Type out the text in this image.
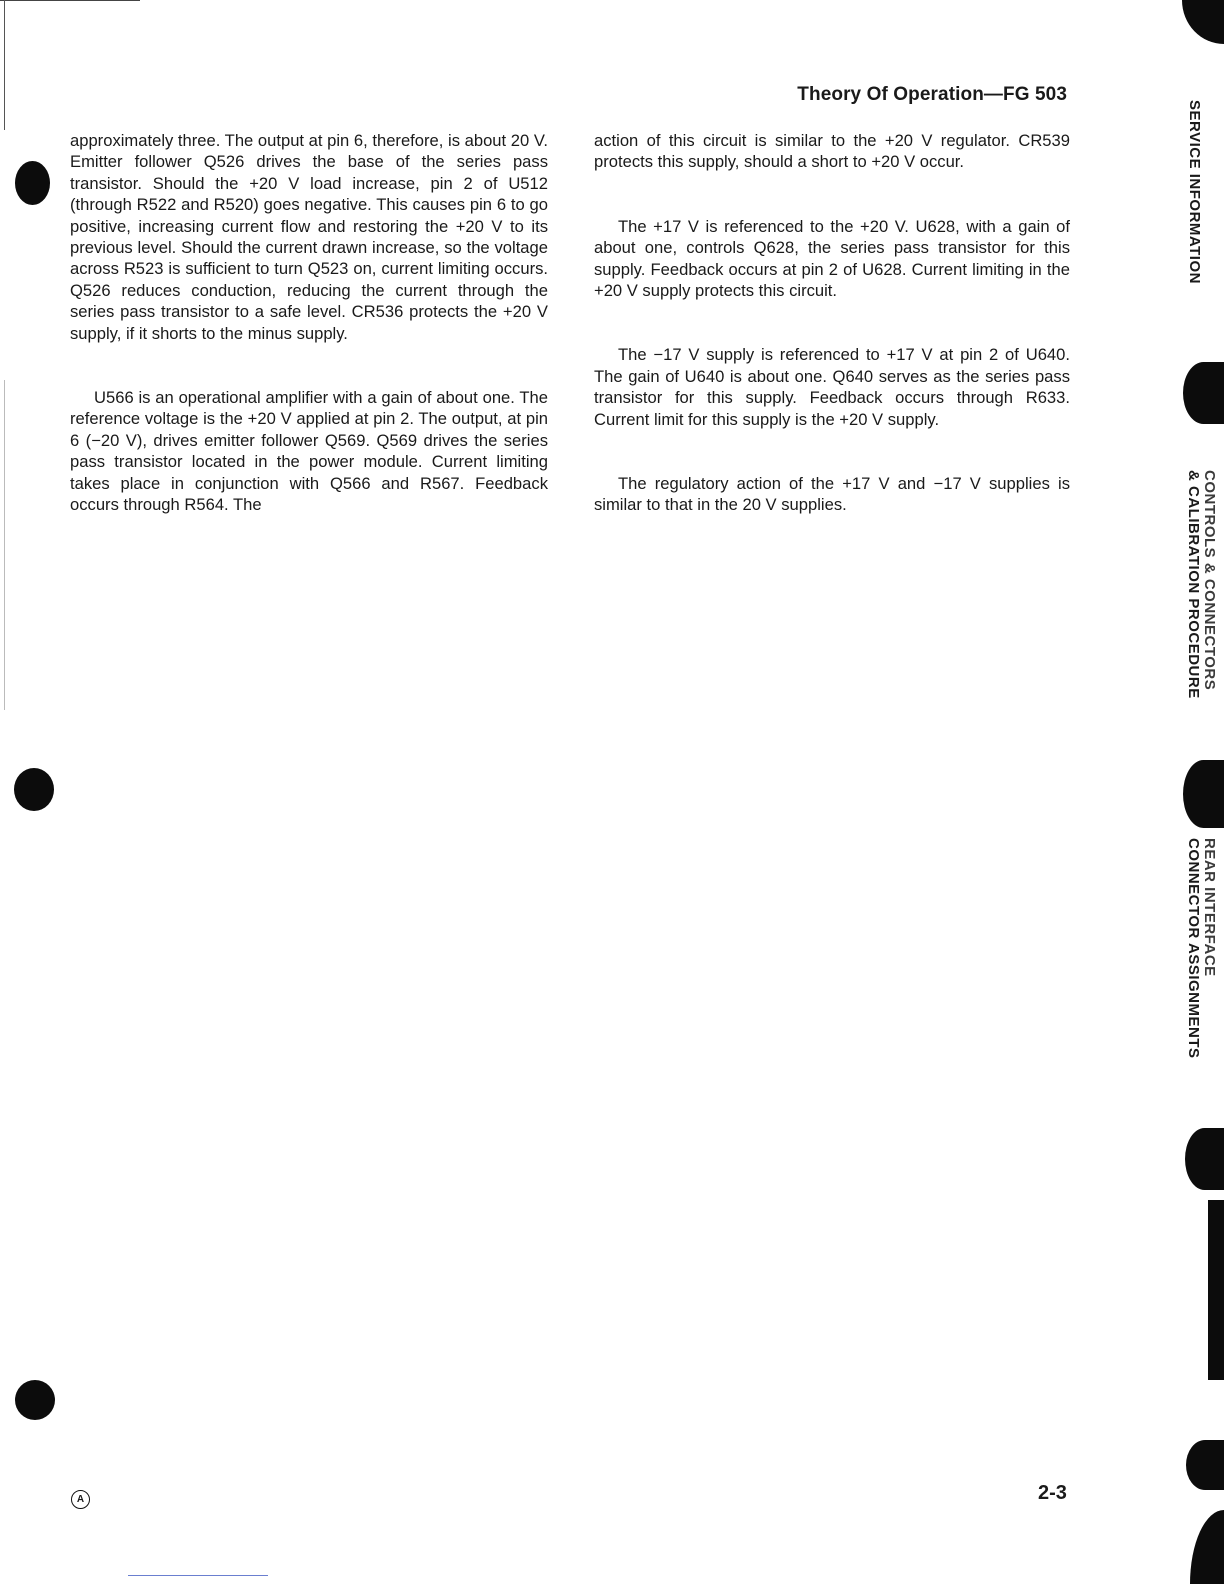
Theory Of Operation—FG 503

approximately three. The output at pin 6, therefore, is about 20 V. Emitter follower Q526 drives the base of the series pass transistor. Should the +20 V load increase, pin 2 of U512 (through R522 and R520) goes negative. This causes pin 6 to go positive, increasing current flow and restoring the +20 V to its previous level. Should the current drawn increase, so the voltage across R523 is sufficient to turn Q523 on, current limiting occurs. Q526 reduces conduction, reducing the current through the series pass transistor to a safe level. CR536 protects the +20 V supply, if it shorts to the minus supply.

U566 is an operational amplifier with a gain of about one. The reference voltage is the +20 V applied at pin 2. The output, at pin 6 (−20 V), drives emitter follower Q569. Q569 drives the series pass transistor located in the power module. Current limiting takes place in conjunction with Q566 and R567. Feedback occurs through R564. The

action of this circuit is similar to the +20 V regulator. CR539 protects this supply, should a short to +20 V occur.

The +17 V is referenced to the +20 V. U628, with a gain of about one, controls Q628, the series pass transistor for this supply. Feedback occurs at pin 2 of U628. Current limiting in the +20 V supply protects this circuit.

The −17 V supply is referenced to +17 V at pin 2 of U640. The gain of U640 is about one. Q640 serves as the series pass transistor for this supply. Feedback occurs through R633. Current limit for this supply is the +20 V supply.

The regulatory action of the +17 V and −17 V supplies is similar to that in the 20 V supplies.

SERVICE INFORMATION
CONTROLS & CONNECTORS
& CALIBRATION PROCEDURE
REAR INTERFACE
CONNECTOR ASSIGNMENTS
A	2-3
